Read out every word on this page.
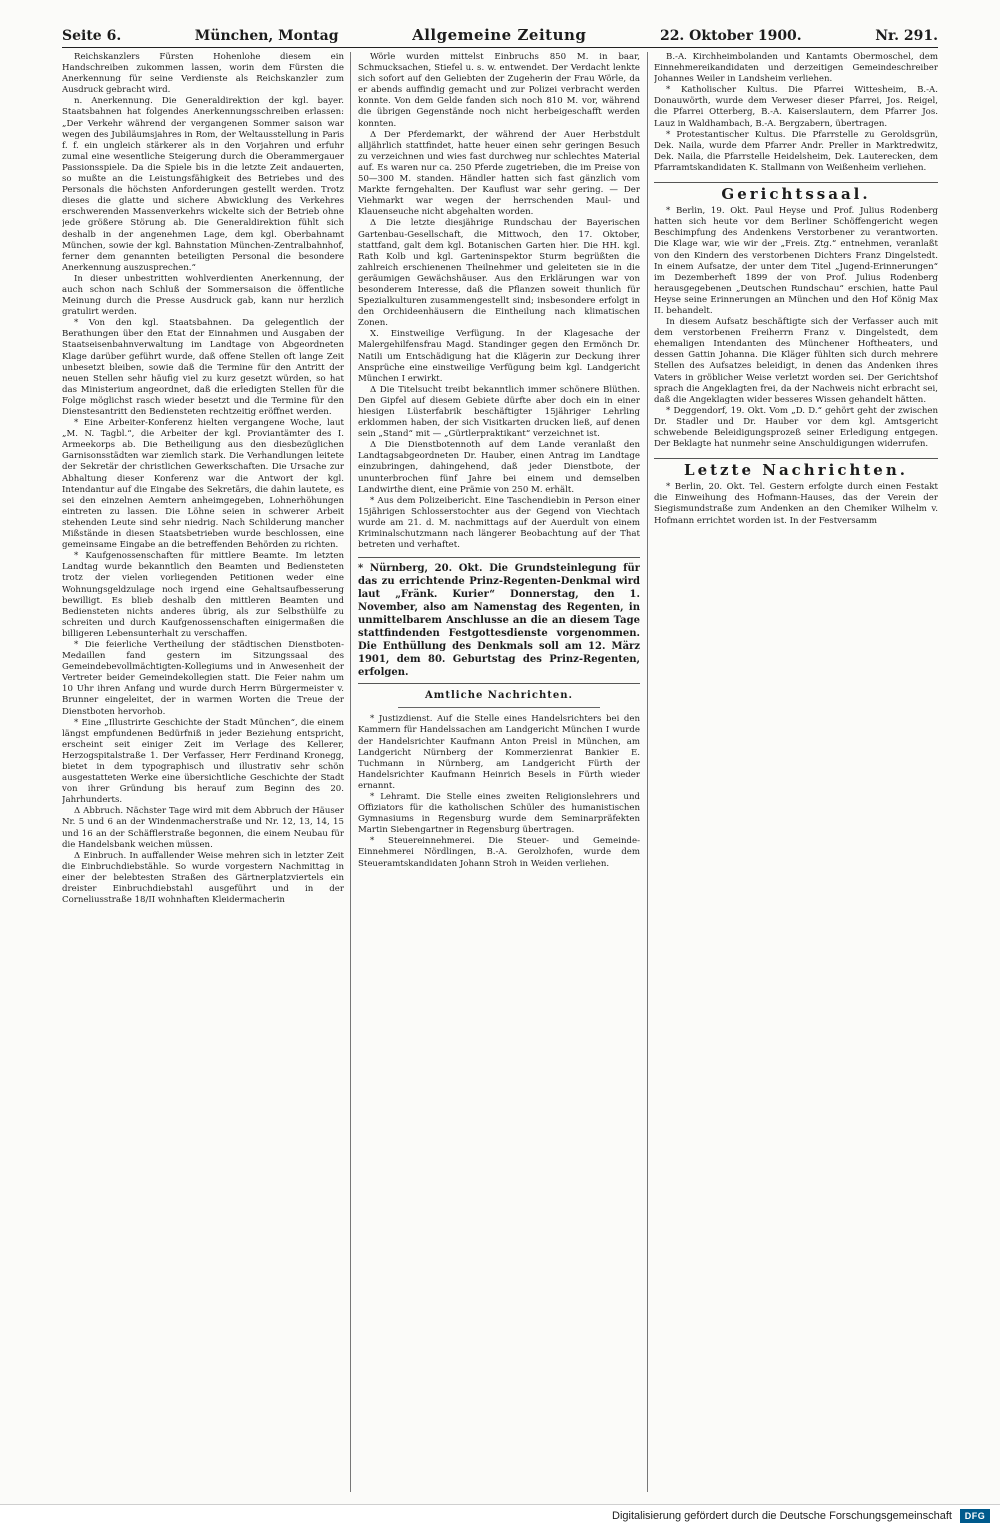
Seite 6.	München, Montag	Allgemeine Zeitung	22. Oktober 1900.	Nr. 291.

Reichskanzlers Fürsten Hohenlohe diesem ein Handschreiben zukommen lassen, worin dem Fürsten die Anerkennung für seine Verdienste als Reichskanzler zum Ausdruck gebracht wird.

n. Anerkennung. Die Generaldirektion der kgl. bayer. Staatsbahnen hat folgendes Anerkennungsschreiben erlassen: „Der Verkehr während der vergangenen Sommer saison war wegen des Jubiläumsjahres in Rom, der Weltausstellung in Paris f. f. ein ungleich stärkerer als in den Vorjahren und erfuhr zumal eine wesentliche Steigerung durch die Oberammergauer Passionsspiele. Da die Spiele bis in die letzte Zeit andauerten, so mußte an die Leistungsfähigkeit des Betriebes und des Personals die höchsten Anforderungen gestellt werden. Trotz dieses die glatte und sichere Abwicklung des Verkehres erschwerenden Massenverkehrs wickelte sich der Betrieb ohne jede größere Störung ab. Die Generaldirektion fühlt sich deshalb in der angenehmen Lage, dem kgl. Oberbahnamt München, sowie der kgl. Bahnstation München-Zentralbahnhof, ferner dem genannten beteiligten Personal die besondere Anerkennung auszusprechen.“

In dieser unbestritten wohlverdienten Anerkennung, der auch schon nach Schluß der Sommersaison die öffentliche Meinung durch die Presse Ausdruck gab, kann nur herzlich gratulirt werden.

* Von den kgl. Staatsbahnen. Da gelegentlich der Berathungen über den Etat der Einnahmen und Ausgaben der Staatseisenbahnverwaltung im Landtage von Abgeordneten Klage darüber geführt wurde, daß offene Stellen oft lange Zeit unbesetzt bleiben, sowie daß die Termine für den Antritt der neuen Stellen sehr häufig viel zu kurz gesetzt würden, so hat das Ministerium angeordnet, daß die erledigten Stellen für die Folge möglichst rasch wieder besetzt und die Termine für den Dienstesantritt den Bediensteten rechtzeitig eröffnet werden.

* Eine Arbeiter-Konferenz hielten vergangene Woche, laut „M. N. Tagbl.“, die Arbeiter der kgl. Proviantämter des I. Armeekorps ab. Die Betheiligung aus den diesbezüglichen Garnisonsstädten war ziemlich stark. Die Verhandlungen leitete der Sekretär der christlichen Gewerkschaften. Die Ursache zur Abhaltung dieser Konferenz war die Antwort der kgl. Intendantur auf die Eingabe des Sekretärs, die dahin lautete, es sei den einzelnen Aemtern anheimgegeben, Lohnerhöhungen eintreten zu lassen. Die Löhne seien in schwerer Arbeit stehenden Leute sind sehr niedrig. Nach Schilderung mancher Mißstände in diesen Staatsbetrieben wurde beschlossen, eine gemeinsame Eingabe an die betreffenden Behörden zu richten.

* Kaufgenossenschaften für mittlere Beamte. Im letzten Landtag wurde bekanntlich den Beamten und Bediensteten trotz der vielen vorliegenden Petitionen weder eine Wohnungsgeldzulage noch irgend eine Gehaltsaufbesserung bewilligt. Es blieb deshalb den mittleren Beamten und Bediensteten nichts anderes übrig, als zur Selbsthülfe zu schreiten und durch Kaufgenossenschaften einigermaßen die billigeren Lebensunterhalt zu verschaffen.

* Die feierliche Vertheilung der städtischen Dienstboten-Medaillen fand gestern im Sitzungssaal des Gemeindebevollmächtigten-Kollegiums und in Anwesenheit der Vertreter beider Gemeindekollegien statt. Die Feier nahm um 10 Uhr ihren Anfang und wurde durch Herrn Bürgermeister v. Brunner eingeleitet, der in warmen Worten die Treue der Dienstboten hervorhob.

* Eine „Illustrirte Geschichte der Stadt München“, die einem längst empfundenen Bedürfniß in jeder Beziehung entspricht, erscheint seit einiger Zeit im Verlage des Kellerer, Herzogspitalstraße 1. Der Verfasser, Herr Ferdinand Kronegg, bietet in dem typographisch und illustrativ sehr schön ausgestatteten Werke eine übersichtliche Geschichte der Stadt von ihrer Gründung bis herauf zum Beginn des 20. Jahrhunderts.

Δ Abbruch. Nächster Tage wird mit dem Abbruch der Häuser Nr. 5 und 6 an der Windenmacherstraße und Nr. 12, 13, 14, 15 und 16 an der Schäfflerstraße begonnen, die einem Neubau für die Handelsbank weichen müssen.

Δ Einbruch. In auffallender Weise mehren sich in letzter Zeit die Einbruchdiebstähle. So wurde vorgestern Nachmittag in einer der belebtesten Straßen des Gärtnerplatzviertels ein dreister Einbruchdiebstahl ausgeführt und in der Corneliusstraße 18/II wohnhaften Kleidermacherin

Wörle wurden mittelst Einbruchs 850 M. in baar, Schmucksachen, Stiefel u. s. w. entwendet. Der Verdacht lenkte sich sofort auf den Geliebten der Zugeherin der Frau Wörle, da er abends auffindig gemacht und zur Polizei verbracht werden konnte. Von dem Gelde fanden sich noch 810 M. vor, während die übrigen Gegenstände noch nicht herbeigeschafft werden konnten.

Δ Der Pferdemarkt, der während der Auer Herbstdult alljährlich stattfindet, hatte heuer einen sehr geringen Besuch zu verzeichnen und wies fast durchweg nur schlechtes Material auf. Es waren nur ca. 250 Pferde zugetrieben, die im Preise von 50—300 M. standen. Händler hatten sich fast gänzlich vom Markte ferngehalten. Der Kauflust war sehr gering. — Der Viehmarkt war wegen der herrschenden Maul- und Klauenseuche nicht abgehalten worden.

Δ Die letzte diesjährige Rundschau der Bayerischen Gartenbau-Gesellschaft, die Mittwoch, den 17. Oktober, stattfand, galt dem kgl. Botanischen Garten hier. Die HH. kgl. Rath Kolb und kgl. Garteninspektor Sturm begrüßten die zahlreich erschienenen Theilnehmer und geleiteten sie in die geräumigen Gewächshäuser. Aus den Erklärungen war von besonderem Interesse, daß die Pflanzen soweit thunlich für Spezialkulturen zusammengestellt sind; insbesondere erfolgt in den Orchideenhäusern die Eintheilung nach klimatischen Zonen.

X. Einstweilige Verfügung. In der Klagesache der Malergehilfensfrau Magd. Standinger gegen den Ermönch Dr. Natili um Entschädigung hat die Klägerin zur Deckung ihrer Ansprüche eine einstweilige Verfügung beim kgl. Landgericht München I erwirkt.

Δ Die Titelsucht treibt bekanntlich immer schönere Blüthen. Den Gipfel auf diesem Gebiete dürfte aber doch ein in einer hiesigen Lüsterfabrik beschäftigter 15jähriger Lehrling erklommen haben, der sich Visitkarten drucken ließ, auf denen sein „Stand“ mit — „Gürtlerpraktikant“ verzeichnet ist.

Δ Die Dienstbotennoth auf dem Lande veranlaßt den Landtagsabgeordneten Dr. Hauber, einen Antrag im Landtage einzubringen, dahingehend, daß jeder Dienstbote, der ununterbrochen fünf Jahre bei einem und demselben Landwirthe dient, eine Prämie von 250 M. erhält.

* Aus dem Polizeibericht. Eine Taschendiebin in Person einer 15jährigen Schlosserstochter aus der Gegend von Viechtach wurde am 21. d. M. nachmittags auf der Auerdult von einem Kriminalschutzmann nach längerer Beobachtung auf der That betreten und verhaftet.

* Nürnberg, 20. Okt. Die Grundsteinlegung für das zu errichtende Prinz-Regenten-Denkmal wird laut „Fränk. Kurier“ Donnerstag, den 1. November, also am Namenstag des Regenten, in unmittelbarem Anschlusse an die an diesem Tage stattfindenden Festgottesdienste vorgenommen. Die Enthüllung des Denkmals soll am 12. März 1901, dem 80. Geburtstag des Prinz-Regenten, erfolgen.
Amtliche Nachrichten.

* Justizdienst. Auf die Stelle eines Handelsrichters bei den Kammern für Handelssachen am Landgericht München I wurde der Handelsrichter Kaufmann Anton Preisl in München, am Landgericht Nürnberg der Kommerzienrat Bankier E. Tuchmann in Nürnberg, am Landgericht Fürth der Handelsrichter Kaufmann Heinrich Besels in Fürth wieder ernannt.

* Lehramt. Die Stelle eines zweiten Religionslehrers und Offiziators für die katholischen Schüler des humanistischen Gymnasiums in Regensburg wurde dem Seminarpräfekten Martin Siebengartner in Regensburg übertragen.

* Steuereinnehmerei. Die Steuer- und Gemeinde-Einnehmerei Nördlingen, B.-A. Gerolzhofen, wurde dem Steueramtskandidaten Johann Stroh in Weiden verliehen.

B.-A. Kirchheimbolanden und Kantamts Obermoschel, dem Einnehmereikandidaten und derzeitigen Gemeindeschreiber Johannes Weiler in Landsheim verliehen.

* Katholischer Kultus. Die Pfarrei Wittesheim, B.-A. Donauwörth, wurde dem Verweser dieser Pfarrei, Jos. Reigel, die Pfarrei Otterberg, B.-A. Kaiserslautern, dem Pfarrer Jos. Lauz in Waldhambach, B.-A. Bergzabern, übertragen.

* Protestantischer Kultus. Die Pfarrstelle zu Geroldsgrün, Dek. Naila, wurde dem Pfarrer Andr. Preller in Marktredwitz, Dek. Naila, die Pfarrstelle Heidelsheim, Dek. Lauterecken, dem Pfarramtskandidaten K. Stallmann von Weißenheim verliehen.

Gerichtssaal.

* Berlin, 19. Okt. Paul Heyse und Prof. Julius Rodenberg hatten sich heute vor dem Berliner Schöffengericht wegen Beschimpfung des Andenkens Verstorbener zu verantworten. Die Klage war, wie wir der „Freis. Ztg.“ entnehmen, veranlaßt von den Kindern des verstorbenen Dichters Franz Dingelstedt. In einem Aufsatze, der unter dem Titel „Jugend-Erinnerungen“ im Dezemberheft 1899 der von Prof. Julius Rodenberg herausgegebenen „Deutschen Rundschau“ erschien, hatte Paul Heyse seine Erinnerungen an München und den Hof König Max II. behandelt.

In diesem Aufsatz beschäftigte sich der Verfasser auch mit dem verstorbenen Freiherrn Franz v. Dingelstedt, dem ehemaligen Intendanten des Münchener Hoftheaters, und dessen Gattin Johanna. Die Kläger fühlten sich durch mehrere Stellen des Aufsatzes beleidigt, in denen das Andenken ihres Vaters in gröblicher Weise verletzt worden sei. Der Gerichtshof sprach die Angeklagten frei, da der Nachweis nicht erbracht sei, daß die Angeklagten wider besseres Wissen gehandelt hätten.

* Deggendorf, 19. Okt. Vom „D. D.“ gehört geht der zwischen Dr. Stadler und Dr. Hauber vor dem kgl. Amtsgericht schwebende Beleidigungsprozeß seiner Erledigung entgegen. Der Beklagte hat nunmehr seine Anschuldigungen widerrufen.

Letzte Nachrichten.

* Berlin, 20. Okt. Tel. Gestern erfolgte durch einen Festakt die Einweihung des Hofmann-Hauses, das der Verein der Siegismundstraße zum Andenken an den Chemiker Wilhelm v. Hofmann errichtet worden ist. In der Festversamm

Digitalisierung gefördert durch die Deutsche Forschungsgemeinschaft	DFG
